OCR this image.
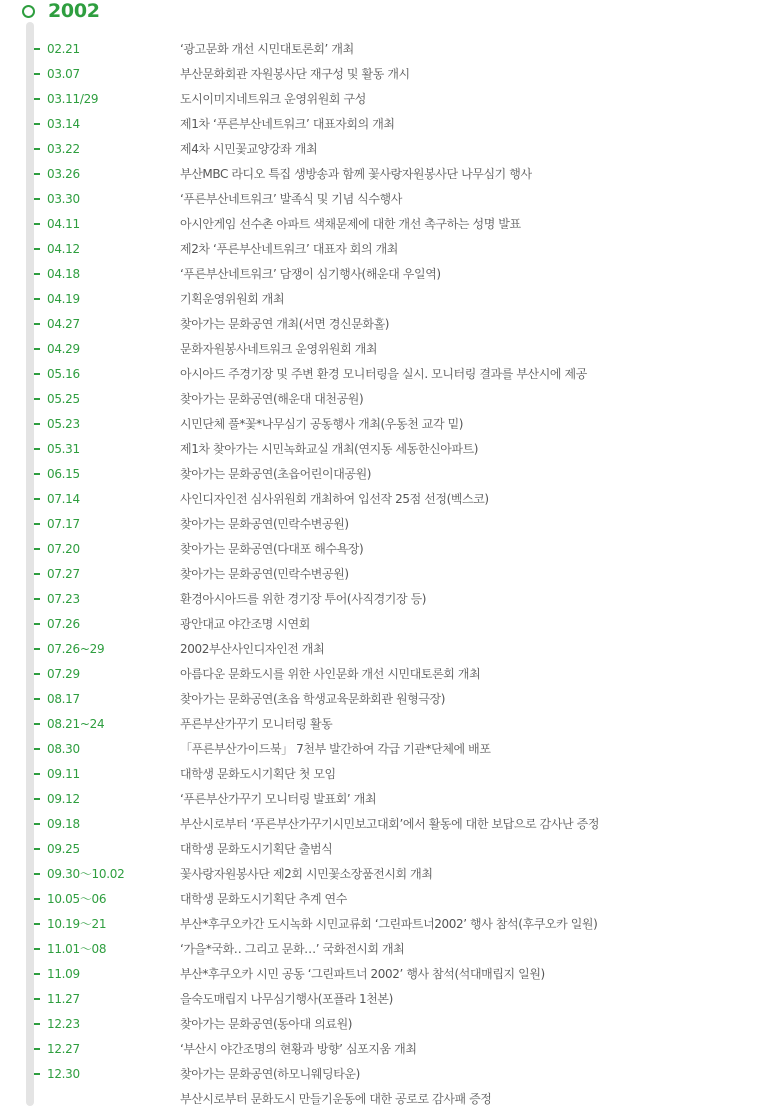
2002
02.21	‘광고문화 개선 시민대토론회’ 개최
03.07	부산문화회관 자원봉사단 재구성 및 활동 개시
03.11/29	도시이미지네트워크 운영위원회 구성
03.14	제1차 ‘푸른부산네트워크’ 대표자회의 개최
03.22	제4차 시민꽃교양강좌 개최
03.26	부산MBC 라디오 특집 생방송과 함께 꽃사랑자원봉사단 나무심기 행사
03.30	‘푸른부산네트워크’ 발족식 및 기념 식수행사
04.11	아시안게임 선수촌 아파트 색채문제에 대한 개선 촉구하는 성명 발표
04.12	제2차 ‘푸른부산네트워크’ 대표자 회의 개최
04.18	‘푸른부산네트워크’ 담쟁이 심기행사(해운대 우일역)
04.19	기획운영위원회 개최
04.27	찾아가는 문화공연 개최(서면 경신문화홀)
04.29	문화자원봉사네트워크 운영위원회 개최
05.16	아시아드 주경기장 및 주변 환경 모니터링을 실시. 모니터링 결과를 부산시에 제공
05.25	찾아가는 문화공연(해운대 대천공원)
05.23	시민단체 풀*꽃*나무심기 공동행사 개최(우동천 교각 밑)
05.31	제1차 찾아가는 시민녹화교실 개최(연지동 세동한신아파트)
06.15	찾아가는 문화공연(초읍어린이대공원)
07.14	사인디자인전 심사위원회 개최하여 입선작 25점 선정(벡스코)
07.17	찾아가는 문화공연(민락수변공원)
07.20	찾아가는 문화공연(다대포 해수욕장)
07.27	찾아가는 문화공연(민락수변공원)
07.23	환경아시아드를 위한 경기장 투어(사직경기장 등)
07.26	광안대교 야간조명 시연회
07.26~29	2002부산사인디자인전 개최
07.29	아름다운 문화도시를 위한 사인문화 개선 시민대토론회 개최
08.17	찾아가는 문화공연(초읍 학생교육문화회관 원형극장)
08.21~24	푸른부산가꾸기 모니터링 활동
08.30	「푸른부산가이드북」 7천부 발간하여 각급 기관*단체에 배포
09.11	대학생 문화도시기획단 첫 모임
09.12	‘푸른부산가꾸기 모니터링 발표회’ 개최
09.18	부산시로부터 ‘푸른부산가꾸기시민보고대회’에서 활동에 대한 보답으로 감사난 증정
09.25	대학생 문화도시기획단 출범식
09.30～10.02	꽃사랑자원봉사단 제2회 시민꽃소장품전시회 개최
10.05～06	대학생 문화도시기획단 추계 연수
10.19～21	부산*후쿠오카간 도시녹화 시민교류회 ‘그린파트너2002’ 행사 참석(후쿠오카 일원)
11.01～08	‘가을*국화‥ 그리고 문화…’ 국화전시회 개최
11.09	부산*후쿠오카 시민 공동 ‘그린파트너 2002’ 행사 참석(석대매립지 일원)
11.27	을숙도매립지 나무심기행사(포플라 1천본)
12.23	찾아가는 문화공연(동아대 의료원)
12.27	‘부산시 야간조명의 현황과 방향’ 심포지움 개최
12.30	찾아가는 문화공연(하모니웨딩타운)
부산시로부터 문화도시 만들기운동에 대한 공로로 감사패 증정
